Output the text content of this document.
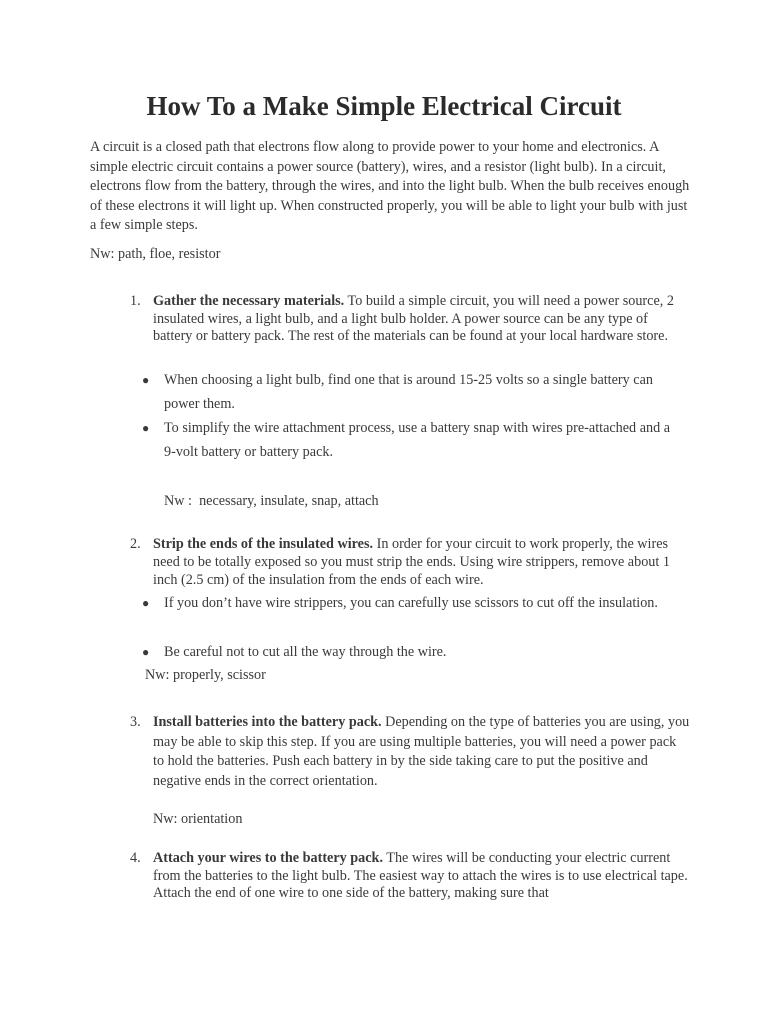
How To a Make Simple Electrical Circuit

A circuit is a closed path that electrons flow along to provide power to your home and electronics. A simple electric circuit contains a power source (battery), wires, and a resistor (light bulb). In a circuit, electrons flow from the battery, through the wires, and into the light bulb. When the bulb receives enough of these electrons it will light up. When constructed properly, you will be able to light your bulb with just a few simple steps.

Nw: path, floe, resistor
1. Gather the necessary materials. To build a simple circuit, you will need a power source, 2 insulated wires, a light bulb, and a light bulb holder. A power source can be any type of battery or battery pack. The rest of the materials can be found at your local hardware store.
● When choosing a light bulb, find one that is around 15-25 volts so a single battery can power them.
● To simplify the wire attachment process, use a battery snap with wires pre-attached and a 9-volt battery or battery pack.
Nw :  necessary, insulate, snap, attach
2. Strip the ends of the insulated wires. In order for your circuit to work properly, the wires need to be totally exposed so you must strip the ends. Using wire strippers, remove about 1 inch (2.5 cm) of the insulation from the ends of each wire.
● If you don’t have wire strippers, you can carefully use scissors to cut off the insulation.
● Be careful not to cut all the way through the wire.
Nw: properly, scissor
3. Install batteries into the battery pack. Depending on the type of batteries you are using, you may be able to skip this step. If you are using multiple batteries, you will need a power pack to hold the batteries. Push each battery in by the side taking care to put the positive and negative ends in the correct orientation.
Nw: orientation
4. Attach your wires to the battery pack. The wires will be conducting your electric current from the batteries to the light bulb. The easiest way to attach the wires is to use electrical tape. Attach the end of one wire to one side of the battery, making sure that
